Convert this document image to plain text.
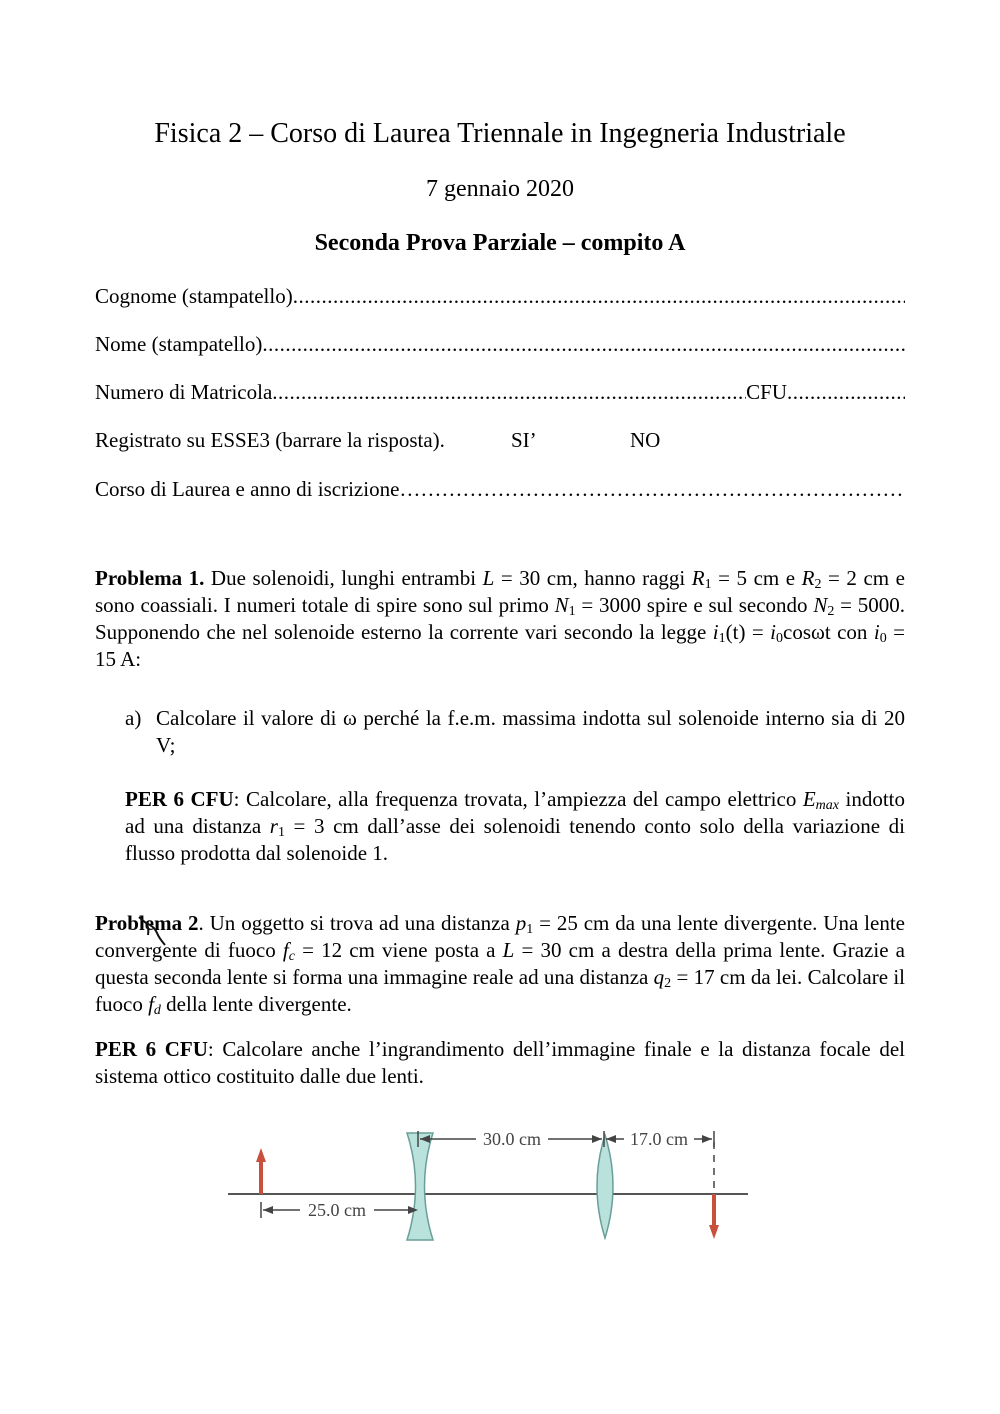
Fisica 2 – Corso di Laurea Triennale in Ingegneria Industriale
7 gennaio 2020
Seconda Prova Parziale – compito A
Cognome (stampatello)
.....
Nome (stampatello)
.....
Numero di Matricola
.....	CFU
.....
Registrato su ESSE3 (barrare la risposta).	SI’	NO
Corso di Laurea e anno di iscrizione
…………………………………………………………………………………………………………………………………………
Problema 1. Due solenoidi, lunghi entrambi L = 30 cm, hanno raggi $R_1 = 5$ cm e $R_2 = 2$ cm e sono coassiali. I numeri totale di spire sono sul primo $N_1 = 3000$ spire e sul secondo $N_2 = 5000$. Supponendo che nel solenoide esterno la corrente vari secondo la legge $i_1(t) = i_0\cos\omega t$ con $i_0 = 15$ A:
a) Calcolare il valore di ω perché la f.e.m. massima indotta sul solenoide interno sia di 20 V;
PER 6 CFU: Calcolare, alla frequenza trovata, l’ampiezza del campo elettrico $E_{max}$ indotto ad una distanza $r_1 = 3$ cm dall’asse dei solenoidi tenendo conto solo della variazione di flusso prodotta dal solenoide 1.
Problema 2. Un oggetto si trova ad una distanza $p_1 = 25$ cm da una lente divergente. Una lente convergente di fuoco $f_c = 12$ cm viene posta a L = 30 cm a destra della prima lente. Grazie a questa seconda lente si forma una immagine reale ad una distanza $q_2 = 17$ cm da lei. Calcolare il fuoco $f_d$ della lente divergente.
PER 6 CFU: Calcolare anche l’ingrandimento dell’immagine finale e la distanza focale del sistema ottico costituito dalle due lenti.
30.0 cm	17.0 cm
25.0 cm
